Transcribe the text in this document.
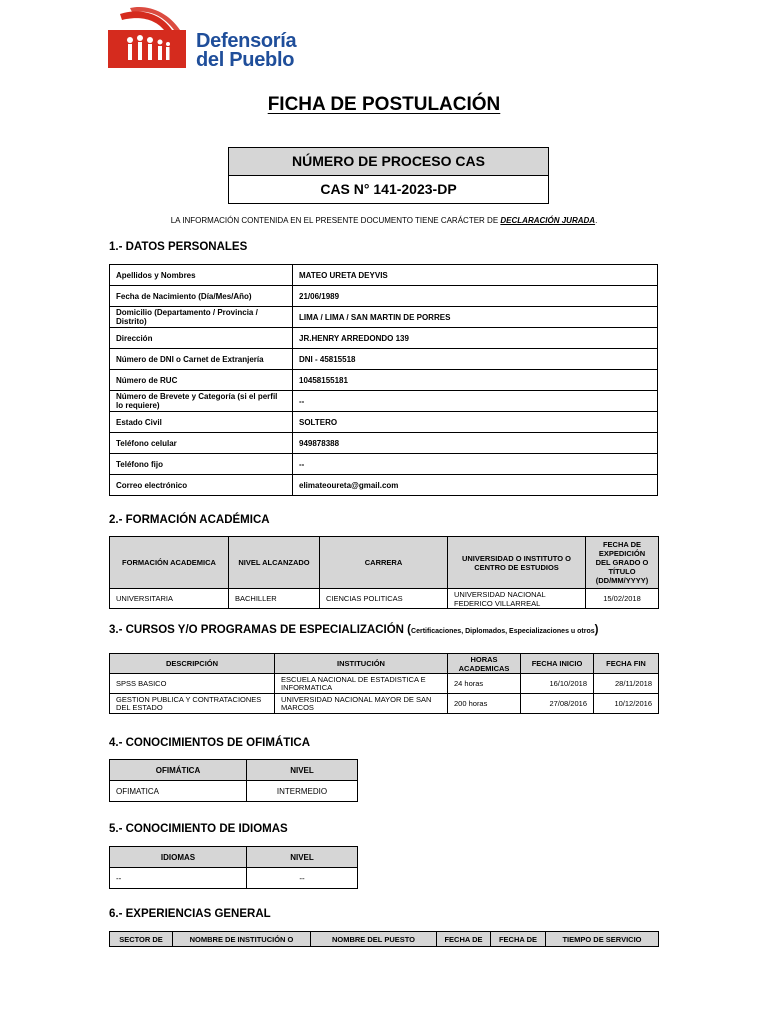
Defensoría
del Pueblo
FICHA DE POSTULACIÓN
NÚMERO DE PROCESO CAS
CAS N° 141-2023-DP
LA INFORMACIÓN CONTENIDA EN EL PRESENTE DOCUMENTO TIENE CARÁCTER DE DECLARACIÓN JURADA.
1.- DATOS PERSONALES
Apellidos y Nombres	MATEO URETA DEYVIS
Fecha de Nacimiento (Día/Mes/Año)	21/06/1989
Domicilio (Departamento / Provincia / Distrito)	LIMA / LIMA / SAN MARTIN DE PORRES
Dirección	JR.HENRY ARREDONDO 139
Número de DNI o Carnet de Extranjería	DNI - 45815518
Número de RUC	10458155181
Número de Brevete y Categoría (si el perfil lo requiere)	--
Estado Civil	SOLTERO
Teléfono celular	949878388
Teléfono fijo	--
Correo electrónico	elimateoureta@gmail.com
2.- FORMACIÓN ACADÉMICA
FORMACIÓN ACADEMICA	NIVEL ALCANZADO	CARRERA	UNIVERSIDAD O INSTITUTO O CENTRO DE ESTUDIOS	FECHA DE EXPEDICIÓN DEL GRADO O TÍTULO (DD/MM/YYYY)
UNIVERSITARIA	BACHILLER	CIENCIAS POLITICAS	UNIVERSIDAD NACIONAL FEDERICO VILLARREAL	15/02/2018
3.- CURSOS Y/O PROGRAMAS DE ESPECIALIZACIÓN (Certificaciones, Diplomados, Especializaciones u otros)
DESCRIPCIÓN	INSTITUCIÓN	HORAS ACADEMICAS	FECHA INICIO	FECHA FIN
SPSS BASICO	ESCUELA NACIONAL DE ESTADISTICA E INFORMATICA	24 horas	16/10/2018	28/11/2018
GESTION PUBLICA Y CONTRATACIONES DEL ESTADO	UNIVERSIDAD NACIONAL MAYOR DE SAN MARCOS	200 horas	27/08/2016	10/12/2016
4.- CONOCIMIENTOS DE OFIMÁTICA
OFIMÁTICA	NIVEL
OFIMATICA	INTERMEDIO
5.- CONOCIMIENTO DE IDIOMAS
IDIOMAS	NIVEL
--	--
6.- EXPERIENCIAS GENERAL
SECTOR DE	NOMBRE DE INSTITUCIÓN O	NOMBRE DEL PUESTO	FECHA DE	FECHA DE	TIEMPO DE SERVICIO
